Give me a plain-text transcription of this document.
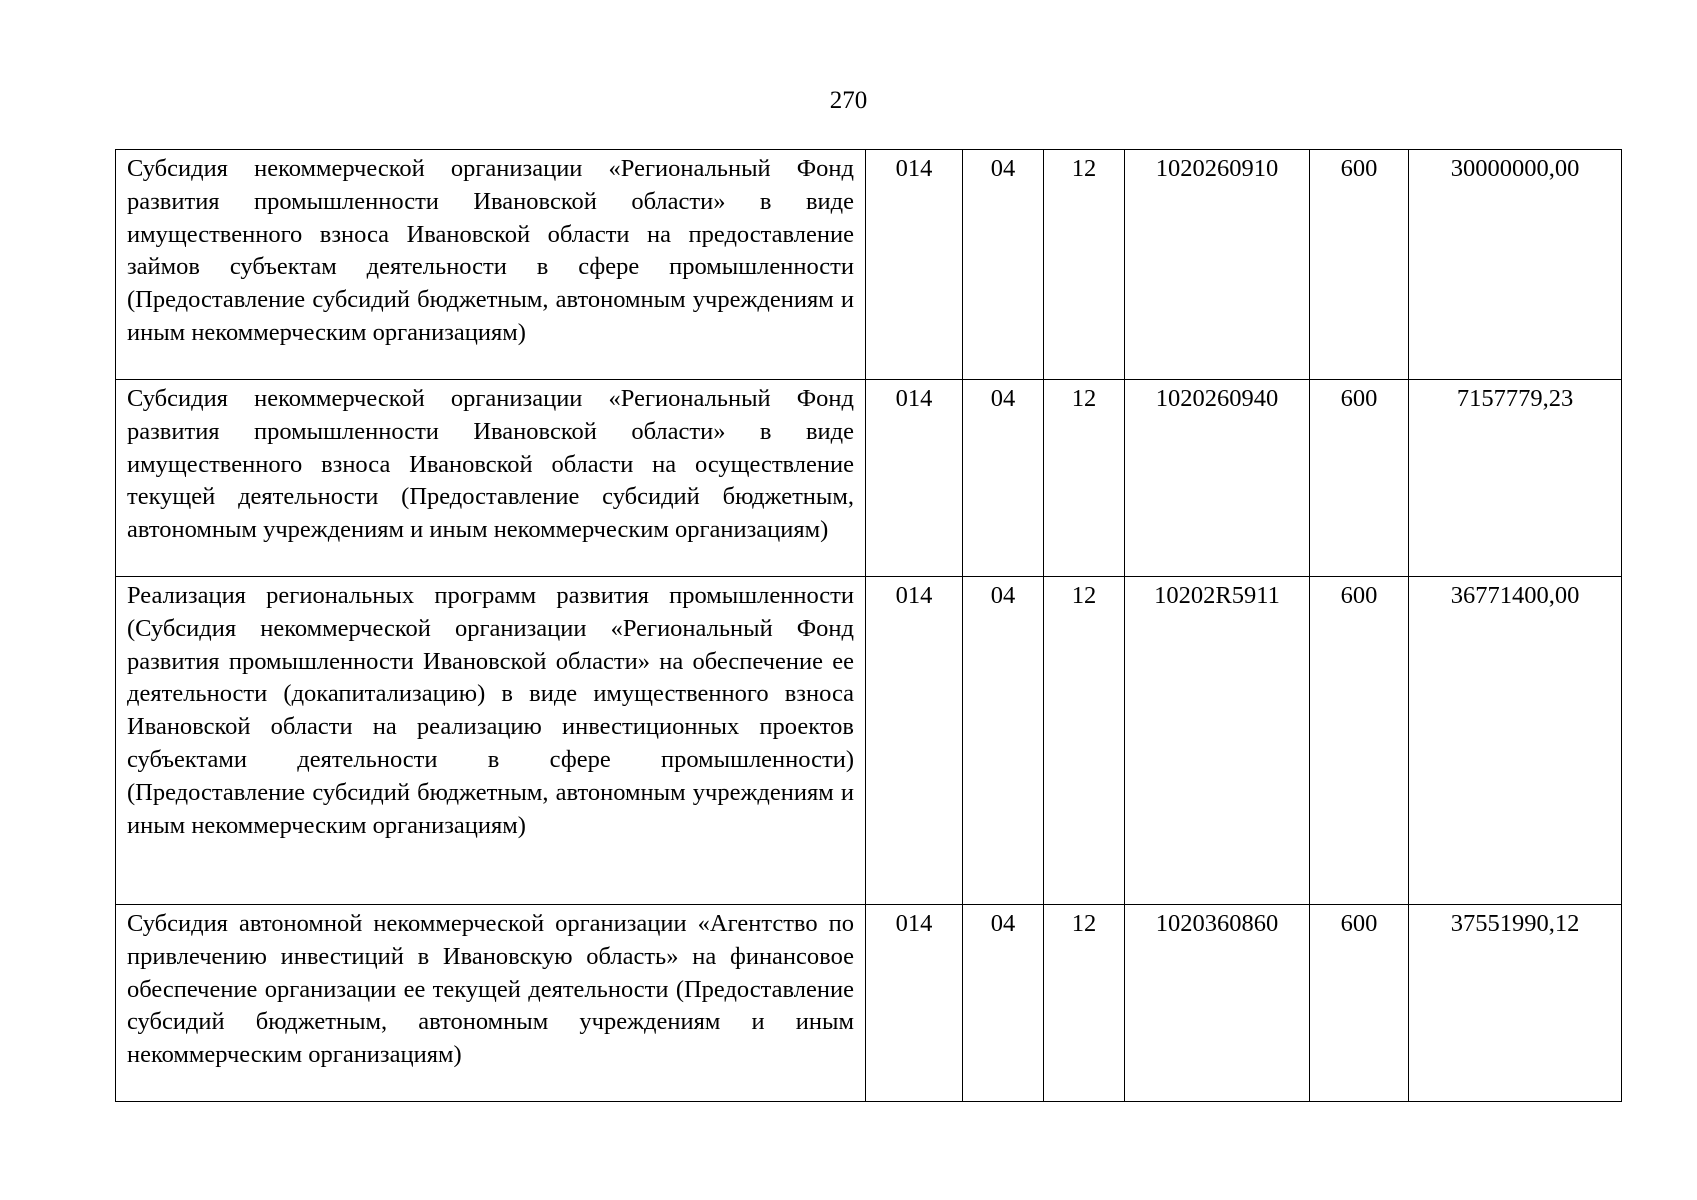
270
Субсидия некоммерческой организации «Региональный Фонд развития промышленности Ивановской области» в виде имущественного взноса Ивановской области на предоставление займов субъектам деятельности в сфере промышленности (Предоставление субсидий бюджетным, автономным учреждениям и иным некоммерческим организациям)	014	04	12	1020260910	600	30000000,00
Субсидия некоммерческой организации «Региональный Фонд развития промышленности Ивановской области» в виде имущественного взноса Ивановской области на осуществление текущей деятельности (Предоставление субсидий бюджетным, автономным учреждениям и иным некоммерческим организациям)	014	04	12	1020260940	600	7157779,23
Реализация региональных программ развития промышленности (Субсидия некоммерческой организации «Региональный Фонд развития промышленности Ивановской области» на обеспечение ее деятельности (докапитализацию) в виде имущественного взноса Ивановской области на реализацию инвестиционных проектов субъектами деятельности в сфере промышленности) (Предоставление субсидий бюджетным, автономным учреждениям и иным некоммерческим организациям)	014	04	12	10202R5911	600	36771400,00
Субсидия автономной некоммерческой организации «Агентство по привлечению инвестиций в Ивановскую область» на финансовое обеспечение организации ее текущей деятельности (Предоставление субсидий бюджетным, автономным учреждениям и иным некоммерческим организациям)	014	04	12	1020360860	600	37551990,12
